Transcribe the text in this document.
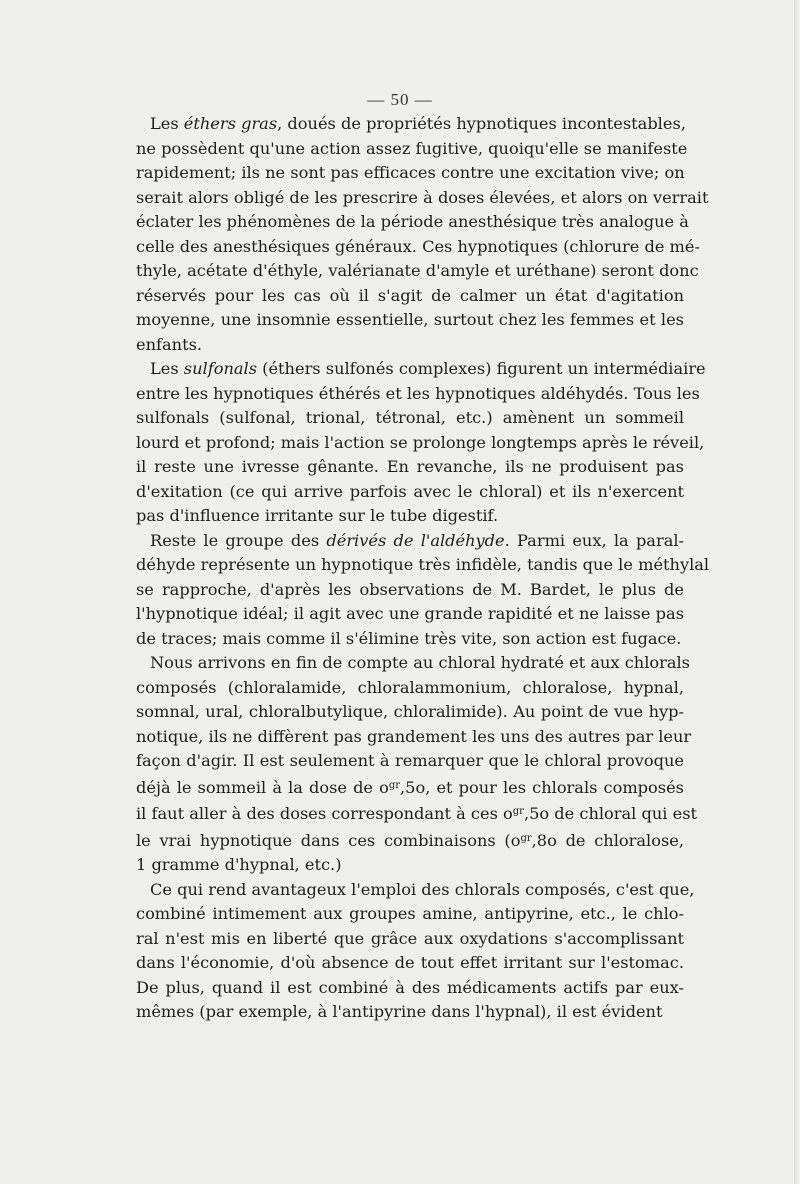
— 50 —

Les éthers gras, doués de propriétés hypnotiques incontestables,
ne possèdent qu'une action assez fugitive, quoiqu'elle se manifeste
rapidement; ils ne sont pas efficaces contre une excitation vive; on
serait alors obligé de les prescrire à doses élevées, et alors on verrait
éclater les phénomènes de la période anesthésique très analogue à
celle des anesthésiques généraux. Ces hypnotiques (chlorure de mé-
thyle, acétate d'éthyle, valérianate d'amyle et uréthane) seront donc
réservés pour les cas où il s'agit de calmer un état d'agitation
moyenne, une insomnie essentielle, surtout chez les femmes et les
enfants.

Les sulfonals (éthers sulfonés complexes) figurent un intermédiaire
entre les hypnotiques éthérés et les hypnotiques aldéhydés. Tous les
sulfonals (sulfonal, trional, tétronal, etc.) amènent un sommeil
lourd et profond; mais l'action se prolonge longtemps après le réveil,
il reste une ivresse gênante. En revanche, ils ne produisent pas
d'exitation (ce qui arrive parfois avec le chloral) et ils n'exercent
pas d'influence irritante sur le tube digestif.

Reste le groupe des dérivés de l'aldéhyde. Parmi eux, la paral-
déhyde représente un hypnotique très infidèle, tandis que le méthylal
se rapproche, d'après les observations de M. Bardet, le plus de
l'hypnotique idéal; il agit avec une grande rapidité et ne laisse pas
de traces; mais comme il s'élimine très vite, son action est fugace.

Nous arrivons en fin de compte au chloral hydraté et aux chlorals
composés (chloralamide, chloralammonium, chloralose, hypnal,
somnal, ural, chloralbutylique, chloralimide). Au point de vue hyp-
notique, ils ne diffèrent pas grandement les uns des autres par leur
façon d'agir. Il est seulement à remarquer que le chloral provoque
déjà le sommeil à la dose de $o^{gr},5o$, et pour les chlorals composés
il faut aller à des doses correspondant à ces $o^{gr},5o$ de chloral qui est
le vrai hypnotique dans ces combinaisons ($o^{gr},8o$ de chloralose,
1 gramme d'hypnal, etc.)

Ce qui rend avantageux l'emploi des chlorals composés, c'est que,
combiné intimement aux groupes amine, antipyrine, etc., le chlo-
ral n'est mis en liberté que grâce aux oxydations s'accomplissant
dans l'économie, d'où absence de tout effet irritant sur l'estomac.
De plus, quand il est combiné à des médicaments actifs par eux-
mêmes (par exemple, à l'antipyrine dans l'hypnal), il est évident
